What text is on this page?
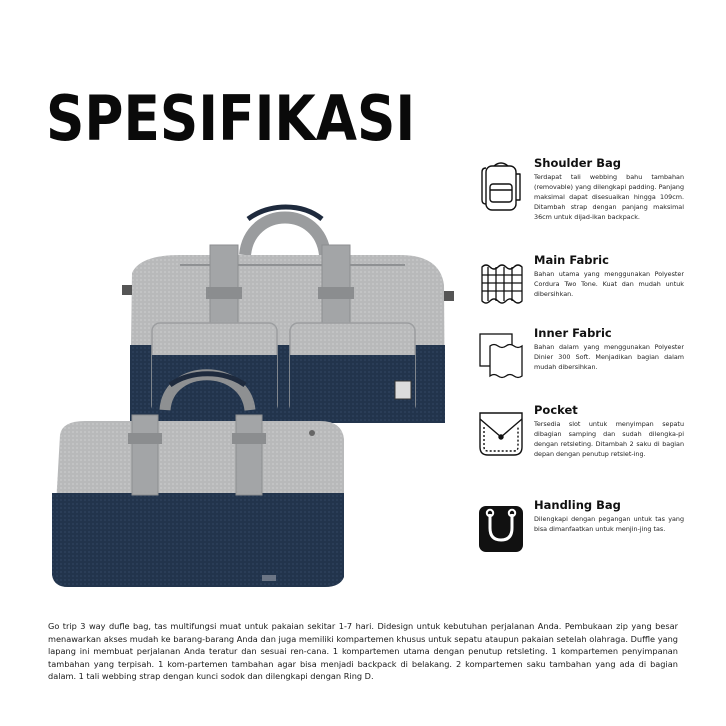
SPESIFIKASI
Shoulder Bag
Terdapat tali webbing bahu tambahan (removable) yang dilengkapi padding. Panjang maksimal dapat disesuaikan hingga 109cm. Ditambah strap dengan panjang maksimal 36cm untuk dijad-ikan backpack.
Main Fabric
Bahan utama yang menggunakan Polyester Cordura Two Tone. Kuat dan mudah untuk dibersihkan.
Inner Fabric
Bahan dalam yang menggunakan Polyester Dinier 300 Soft. Menjadikan bagian dalam mudah dibersihkan.
Pocket
Tersedia slot untuk menyimpan sepatu dibagian samping dan sudah dilengka-pi dengan retsleting. Ditambah 2 saku di bagian depan dengan penutup retslet-ing.
Handling Bag
Dilengkapi dengan pegangan untuk tas yang bisa dimanfaatkan untuk menjin-jing tas.
Go trip 3 way dufle bag, tas multifungsi muat untuk pakaian sekitar 1-7 hari. Didesign untuk kebutuhan perjalanan Anda. Pembukaan zip yang besar menawarkan akses mudah ke barang-barang Anda dan juga memiliki kompartemen khusus untuk sepatu ataupun pakaian setelah olahraga. Duffle yang lapang ini membuat perjalanan Anda teratur dan sesuai ren-cana. 1 kompartemen utama dengan penutup retsleting. 1 kompartemen penyimpanan tambahan yang terpisah. 1 kom-partemen tambahan agar bisa menjadi backpack di belakang. 2 kompartemen saku tambahan yang ada di bagian dalam. 1 tali webbing strap dengan kunci sodok dan dilengkapi dengan Ring D.
